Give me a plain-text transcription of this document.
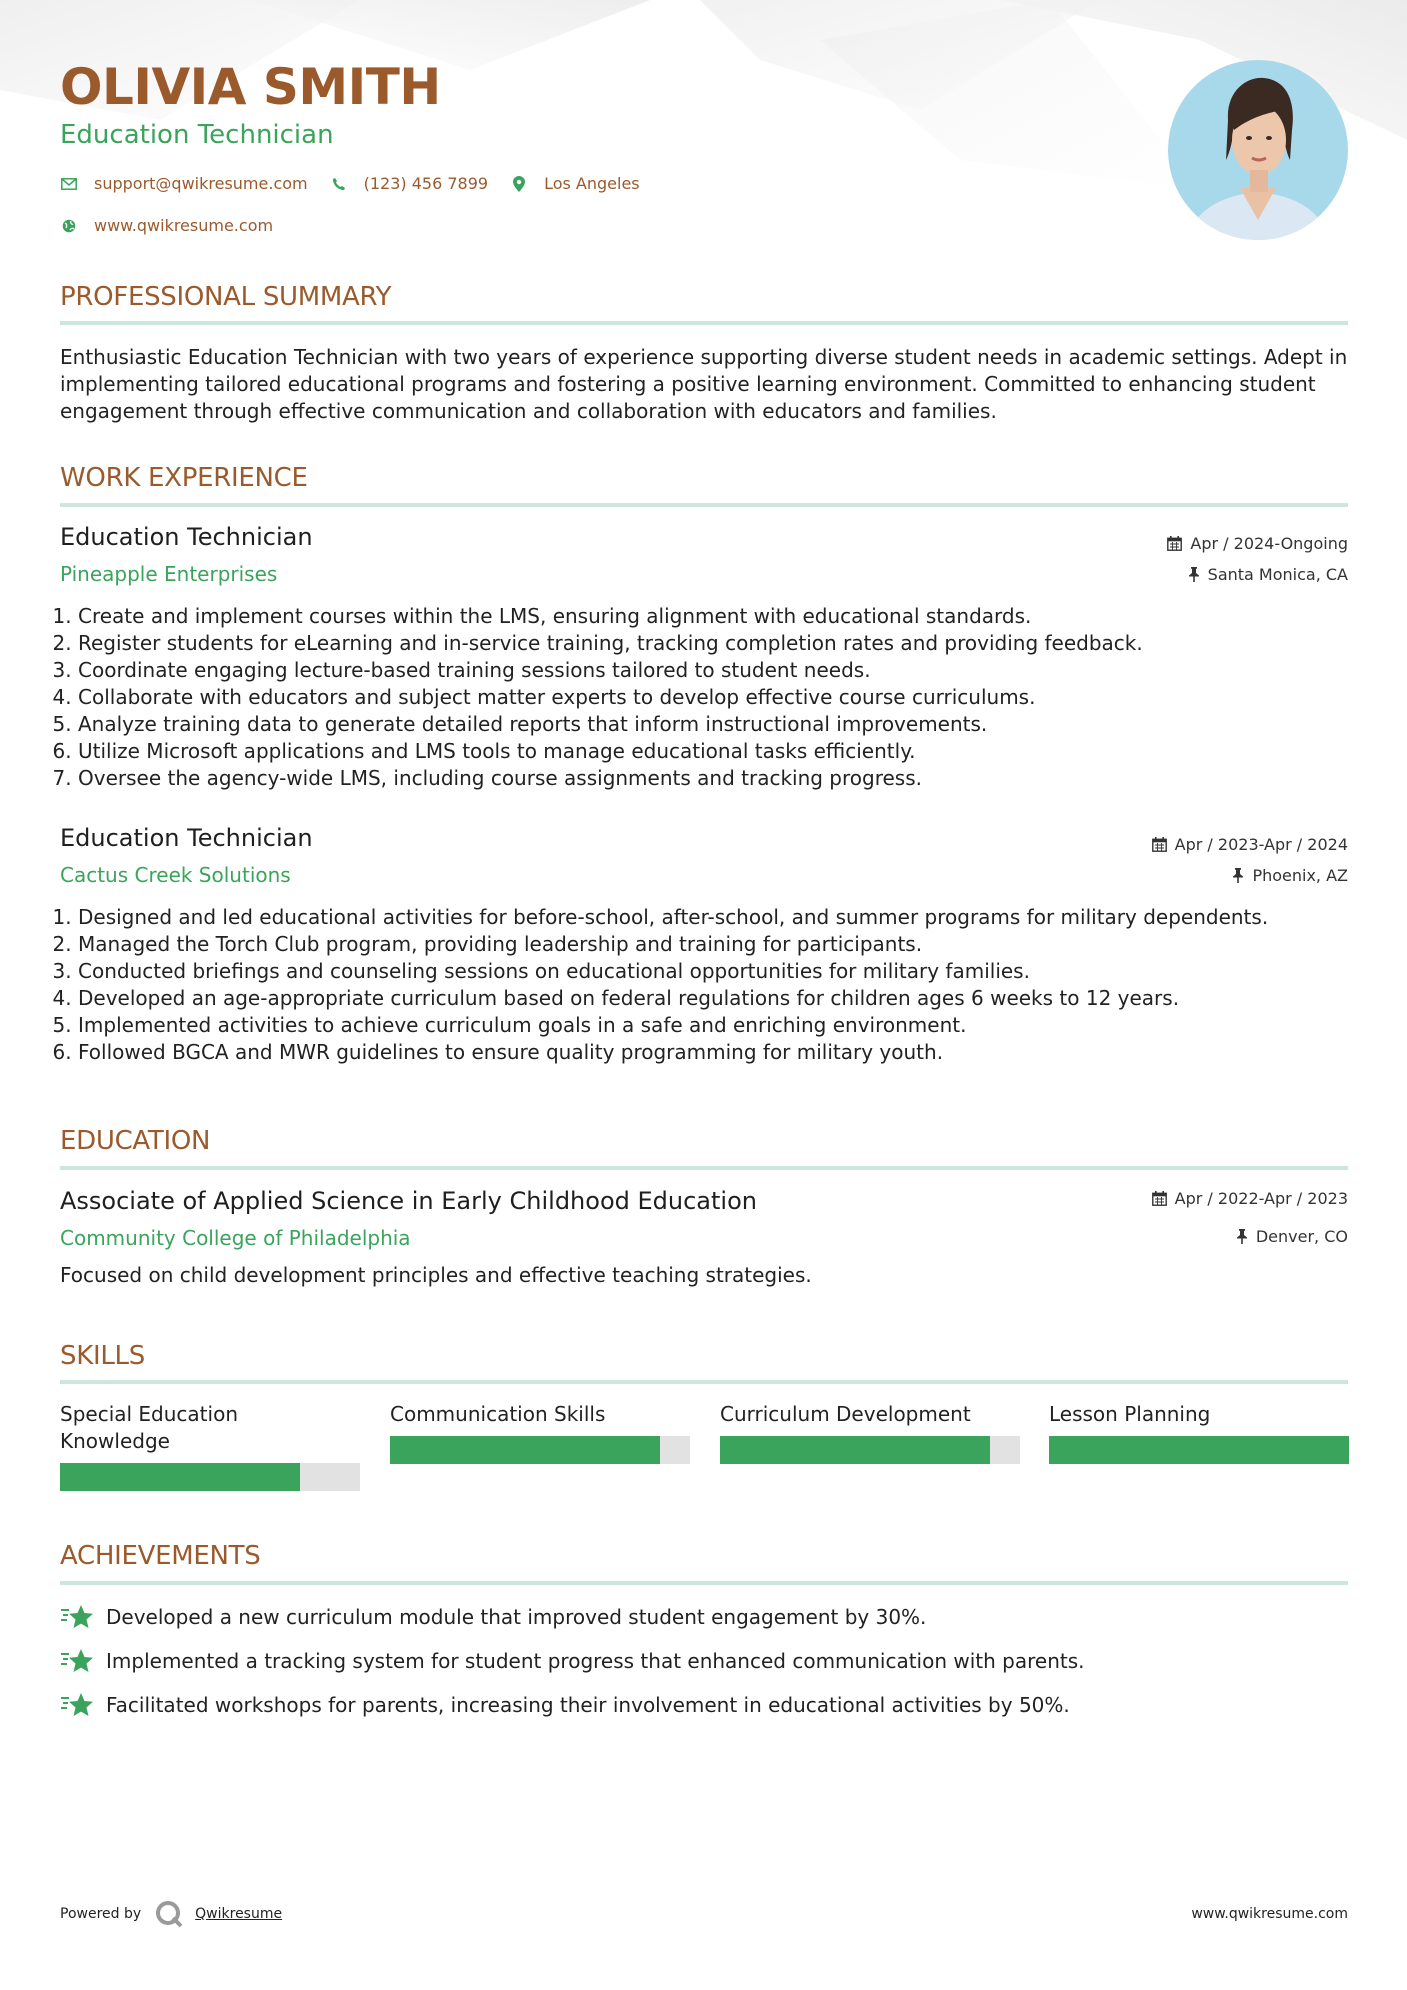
OLIVIA SMITH
Education Technician
support@qwikresume.com	(123) 456 7899	Los Angeles
www.qwikresume.com
PROFESSIONAL SUMMARY
Enthusiastic Education Technician with two years of experience supporting diverse student needs in academic settings. Adept in implementing tailored educational programs and fostering a positive learning environment. Committed to enhancing student engagement through effective communication and collaboration with educators and families.
WORK EXPERIENCE
Education Technician
Pineapple Enterprises
Apr / 2024-Ongoing
Santa Monica, CA
1. Create and implement courses within the LMS, ensuring alignment with educational standards.
2. Register students for eLearning and in-service training, tracking completion rates and providing feedback.
3. Coordinate engaging lecture-based training sessions tailored to student needs.
4. Collaborate with educators and subject matter experts to develop effective course curriculums.
5. Analyze training data to generate detailed reports that inform instructional improvements.
6. Utilize Microsoft applications and LMS tools to manage educational tasks efficiently.
7. Oversee the agency-wide LMS, including course assignments and tracking progress.
Education Technician
Cactus Creek Solutions
Apr / 2023-Apr / 2024
Phoenix, AZ
1. Designed and led educational activities for before-school, after-school, and summer programs for military dependents.
2. Managed the Torch Club program, providing leadership and training for participants.
3. Conducted briefings and counseling sessions on educational opportunities for military families.
4. Developed an age-appropriate curriculum based on federal regulations for children ages 6 weeks to 12 years.
5. Implemented activities to achieve curriculum goals in a safe and enriching environment.
6. Followed BGCA and MWR guidelines to ensure quality programming for military youth.
EDUCATION
Associate of Applied Science in Early Childhood Education
Community College of Philadelphia
Apr / 2022-Apr / 2023
Denver, CO
Focused on child development principles and effective teaching strategies.
SKILLS
Special Education Knowledge
Communication Skills	Curriculum Development	Lesson Planning
ACHIEVEMENTS
Developed a new curriculum module that improved student engagement by 30%.
Implemented a tracking system for student progress that enhanced communication with parents.
Facilitated workshops for parents, increasing their involvement in educational activities by 50%.
Powered by	Qwikresume	www.qwikresume.com
